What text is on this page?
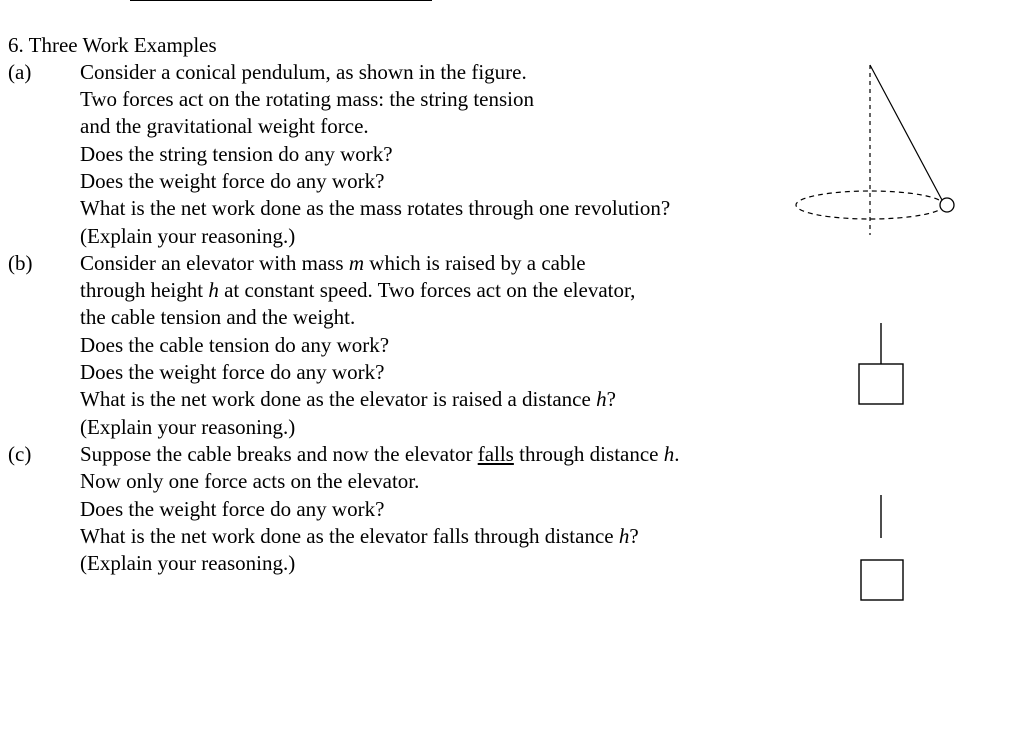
6. Three Work Examples
(a) Consider a conical pendulum, as shown in the figure.
Two forces act on the rotating mass: the string tension
and the gravitational weight force.
Does the string tension do any work?
Does the weight force do any work?
What is the net work done as the mass rotates through one revolution?
(Explain your reasoning.)
(b) Consider an elevator with mass m which is raised by a cable
through height h at constant speed. Two forces act on the elevator,
the cable tension and the weight.
Does the cable tension do any work?
Does the weight force do any work?
What is the net work done as the elevator is raised a distance h?
(Explain your reasoning.)
(c) Suppose the cable breaks and now the elevator falls through distance h.
Now only one force acts on the elevator.
Does the weight force do any work?
What is the net work done as the elevator falls through distance h?
(Explain your reasoning.)
